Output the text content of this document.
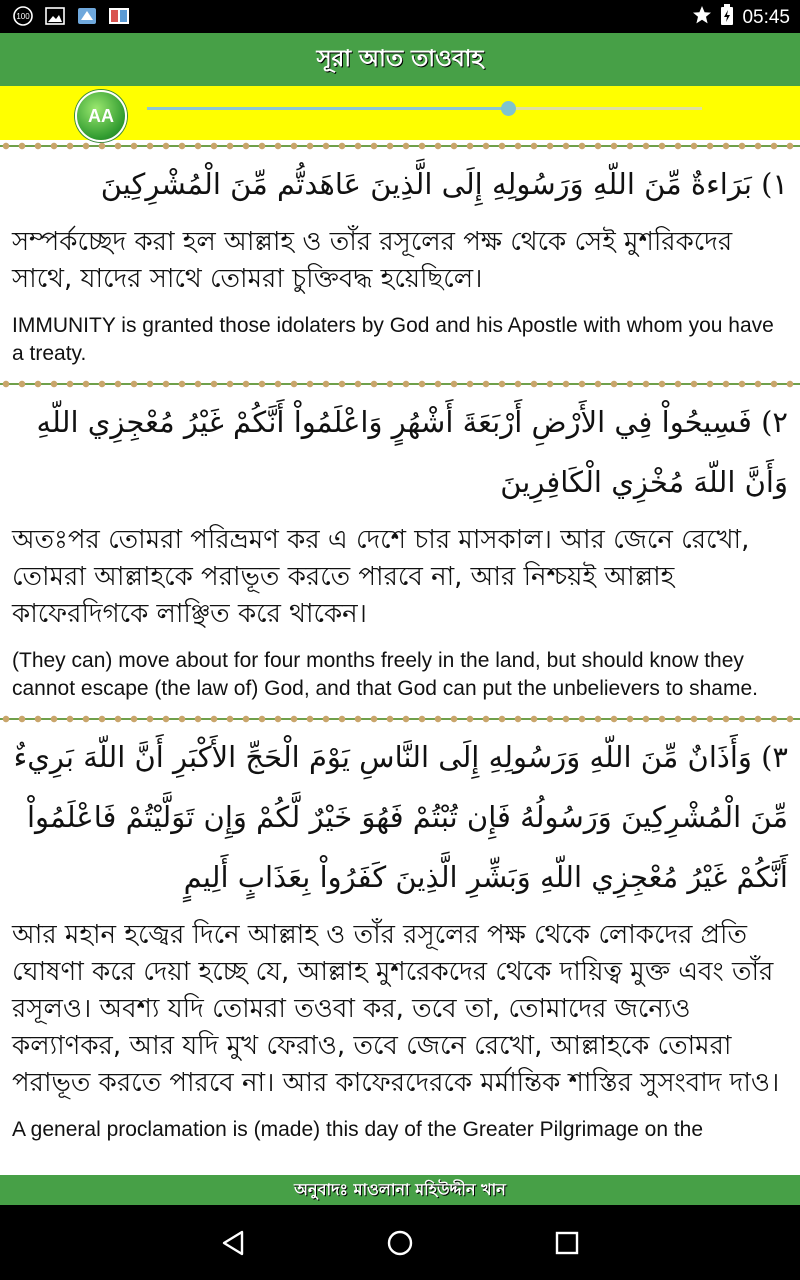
100	05:45
সূরা আত তাওবাহ
AA
١) بَرَاءةٌ مِّنَ اللّهِ وَرَسُولِهِ إِلَى الَّذِينَ عَاهَدتُّم مِّنَ الْمُشْرِكِينَ
সম্পর্কচ্ছেদ করা হল আল্লাহ ও তাঁর রসূলের পক্ষ থেকে সেই মুশরিকদের সাথে, যাদের সাথে তোমরা চুক্তিবদ্ধ হয়েছিলে।
IMMUNITY is granted those idolaters by God and his Apostle with whom you have a treaty.
٢) فَسِيحُواْ فِي الأَرْضِ أَرْبَعَةَ أَشْهُرٍ وَاعْلَمُواْ أَنَّكُمْ غَيْرُ مُعْجِزِي اللّهِ وَأَنَّ اللّهَ مُخْزِي الْكَافِرِينَ
অতঃপর তোমরা পরিভ্রমণ কর এ দেশে চার মাসকাল। আর জেনে রেখো, তোমরা আল্লাহকে পরাভূত করতে পারবে না, আর নিশ্চয়ই আল্লাহ কাফেরদিগকে লাঞ্ছিত করে থাকেন।
(They can) move about for four months freely in the land, but should know they cannot escape (the law of) God, and that God can put the unbelievers to shame.
٣) وَأَذَانٌ مِّنَ اللّهِ وَرَسُولِهِ إِلَى النَّاسِ يَوْمَ الْحَجِّ الأَكْبَرِ أَنَّ اللّهَ بَرِيءٌ مِّنَ الْمُشْرِكِينَ وَرَسُولُهُ فَإِن تُبْتُمْ فَهُوَ خَيْرٌ لَّكُمْ وَإِن تَوَلَّيْتُمْ فَاعْلَمُواْ أَنَّكُمْ غَيْرُ مُعْجِزِي اللّهِ وَبَشِّرِ الَّذِينَ كَفَرُواْ بِعَذَابٍ أَلِيمٍ
আর মহান হজ্বের দিনে আল্লাহ ও তাঁর রসূলের পক্ষ থেকে লোকদের প্রতি ঘোষণা করে দেয়া হচ্ছে যে, আল্লাহ মুশরেকদের থেকে দায়িত্ব মুক্ত এবং তাঁর রসূলও। অবশ্য যদি তোমরা তওবা কর, তবে তা, তোমাদের জন্যেও কল্যাণকর, আর যদি মুখ ফেরাও, তবে জেনে রেখো, আল্লাহকে তোমরা পরাভূত করতে পারবে না। আর কাফেরদেরকে মর্মান্তিক শাস্তির সুসংবাদ দাও।
A general proclamation is (made) this day of the Greater Pilgrimage on the
অনুবাদঃ মাওলানা মহিউদ্দীন খান
